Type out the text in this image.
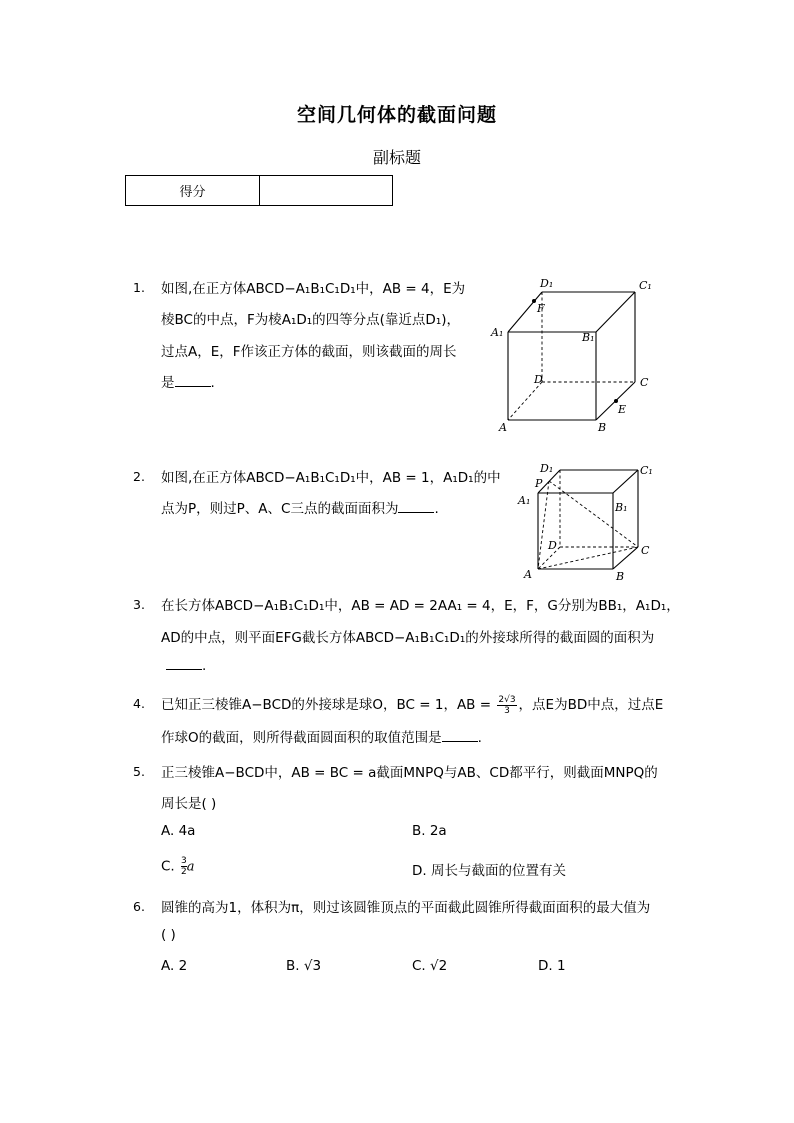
空间几何体的截面问题
副标题
得分	
1. 如图,在正方体ABCD−A₁B₁C₁D₁中，AB = 4，E为
棱BC的中点，F为棱A₁D₁的四等分点(靠近点D₁)，
过点A，E，F作该正方体的截面，则该截面的周长
是	.
D₁	C₁
F
A₁	B₁
D	C
E
A	B
2. 如图,在正方体ABCD−A₁B₁C₁D₁中，AB = 1，A₁D₁的中
点为P，则过P、A、C三点的截面面积为	.
D₁	C₁
P
A₁
B₁
D	C
A	B
3. 在长方体ABCD−A₁B₁C₁D₁中，AB = AD = 2AA₁ = 4，E，F，G分别为BB₁，A₁D₁，
AD的中点，则平面EFG截长方体ABCD−A₁B₁C₁D₁的外接球所得的截面圆的面积为
.
4. 已知正三棱锥A−BCD的外接球是球O，BC = 1，AB = $\frac{2√3}{3}$ ，点E为BD中点，过点E
作球O的截面，则所得截面圆面积的取值范围是	.
5. 正三棱锥A−BCD中，AB = BC = a截面MNPQ与AB、CD都平行，则截面MNPQ的
周长是( )
A. 4a	B. 2a
C. $\frac{3}{2}$ a	D. 周长与截面的位置有关
6. 圆锥的高为1，体积为π，则过该圆锥顶点的平面截此圆锥所得截面面积的最大值为
( )
A. 2	B. √3	C. √2	D. 1
